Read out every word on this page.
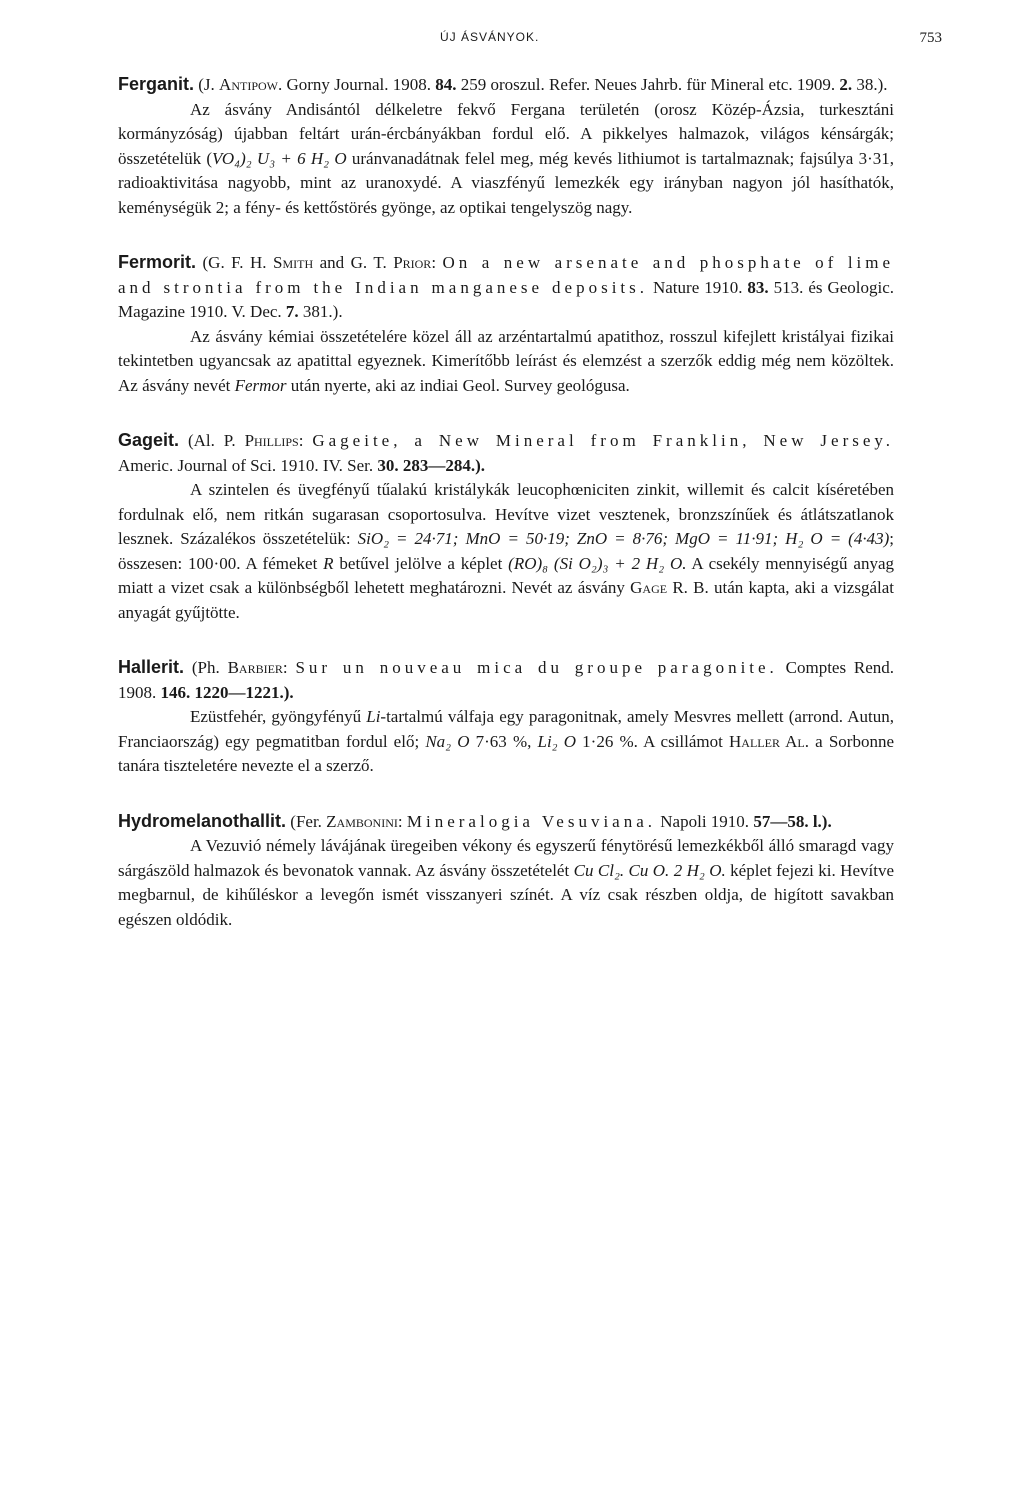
ÚJ ÁSVÁNYOK.	753

Ferganit. (J. Antipow. Gorny Journal. 1908. 84. 259 oroszul. Refer. Neues Jahrb. für Mineral etc. 1909. 2. 38.).

Az ásvány Andisántól délkeletre fekvő Fergana területén (orosz Közép-Ázsia, turkesztáni kormányzóság) újabban feltárt urán-ércbányákban fordul elő. A pikkelyes halmazok, világos kénsárgák; összetételük (VO₄)₂ U₃ + 6 H₂ O uránvanadátnak felel meg, még kevés lithiumot is tartalmaznak; fajsúlya 3·31, radioaktivitása nagyobb, mint az uranoxydé. A viaszfényű lemezkék egy irányban nagyon jól hasíthatók, keménységük 2; a fény- és kettőstörés gyönge, az optikai tengelyszög nagy.

Fermorit. (G. F. H. Smith and G. T. Prior: On a new arsenate and phosphate of lime and strontia from the Indian manganese deposits. Nature 1910. 83. 513. és Geologic. Magazine 1910. V. Dec. 7. 381.).

Az ásvány kémiai összetételére közel áll az arzéntartalmú apatithoz, rosszul kifejlett kristályai fizikai tekintetben ugyancsak az apatittal egyeznek. Kimerítőbb leírást és elemzést a szerzők eddig még nem közöltek. Az ásvány nevét Fermor után nyerte, aki az indiai Geol. Survey geológusa.

Gageit. (Al. P. Phillips: Gageite, a New Mineral from Franklin, New Jersey. Americ. Journal of Sci. 1910. IV. Ser. 30. 283—284.).

A szintelen és üvegfényű tűalakú kristálykák leucophœniciten zinkit, willemit és calcit kíséretében fordulnak elő, nem ritkán sugarasan csoportosulva. Hevítve vizet vesztenek, bronzszínűek és átlátszatlanok lesznek. Százalékos összetételük: SiO₂ = 24·71; MnO = 50·19; ZnO = 8·76; MgO = 11·91; H₂ O = (4·43); összesen: 100·00. A fémeket R betűvel jelölve a képlet (RO)₈ (Si O₂)₃ + 2 H₂ O. A csekély mennyiségű anyag miatt a vizet csak a különbségből lehetett meghatározni. Nevét az ásvány Gage R. B. után kapta, aki a vizsgálat anyagát gyűjtötte.

Hallerit. (Ph. Barbier: Sur un nouveau mica du groupe paragonite. Comptes Rend. 1908. 146. 1220—1221.).

Ezüstfehér, gyöngyfényű Li-tartalmú válfaja egy paragonitnak, amely Mesvres mellett (arrond. Autun, Franciaország) egy pegmatitban fordul elő; Na₂ O 7·63 %, Li₂ O 1·26 %. A csillámot Haller Al. a Sorbonne tanára tiszteletére nevezte el a szerző.

Hydromelanothallit. (Fer. Zambonini: Mineralogia Vesuviana. Napoli 1910. 57—58. l.).

A Vezuvió némely lávájának üregeiben vékony és egyszerű fénytörésű lemezkékből álló smaragd vagy sárgászöld halmazok és bevonatok vannak. Az ásvány összetételét Cu Cl₂. Cu O. 2 H₂ O. képlet fejezi ki. Hevítve megbarnul, de kihűléskor a levegőn ismét visszanyeri színét. A víz csak részben oldja, de higított savakban egészen oldódik.
